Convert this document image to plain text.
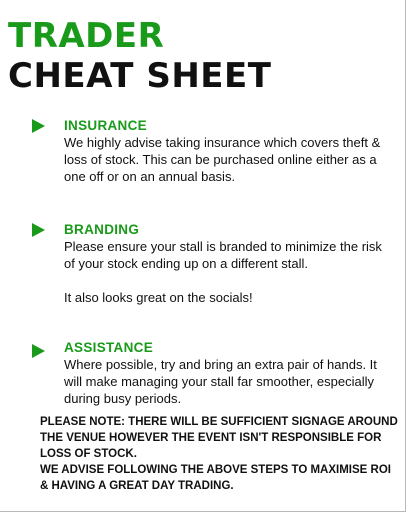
TRADER
CHEAT SHEET
INSURANCE

We highly advise taking insurance which covers theft & loss of stock. This can be purchased online either as a one off or on an annual basis.

BRANDING

Please ensure your stall is branded to minimize the risk of your stock ending up on a different stall.

It also looks great on the socials!

ASSISTANCE

Where possible, try and bring an extra pair of hands. It will make managing your stall far smoother, especially during busy periods.

PLEASE NOTE: THERE WILL BE SUFFICIENT SIGNAGE AROUND THE VENUE HOWEVER THE EVENT ISN'T RESPONSIBLE FOR LOSS OF STOCK.
WE ADVISE FOLLOWING THE ABOVE STEPS TO MAXIMISE ROI & HAVING A GREAT DAY TRADING.
